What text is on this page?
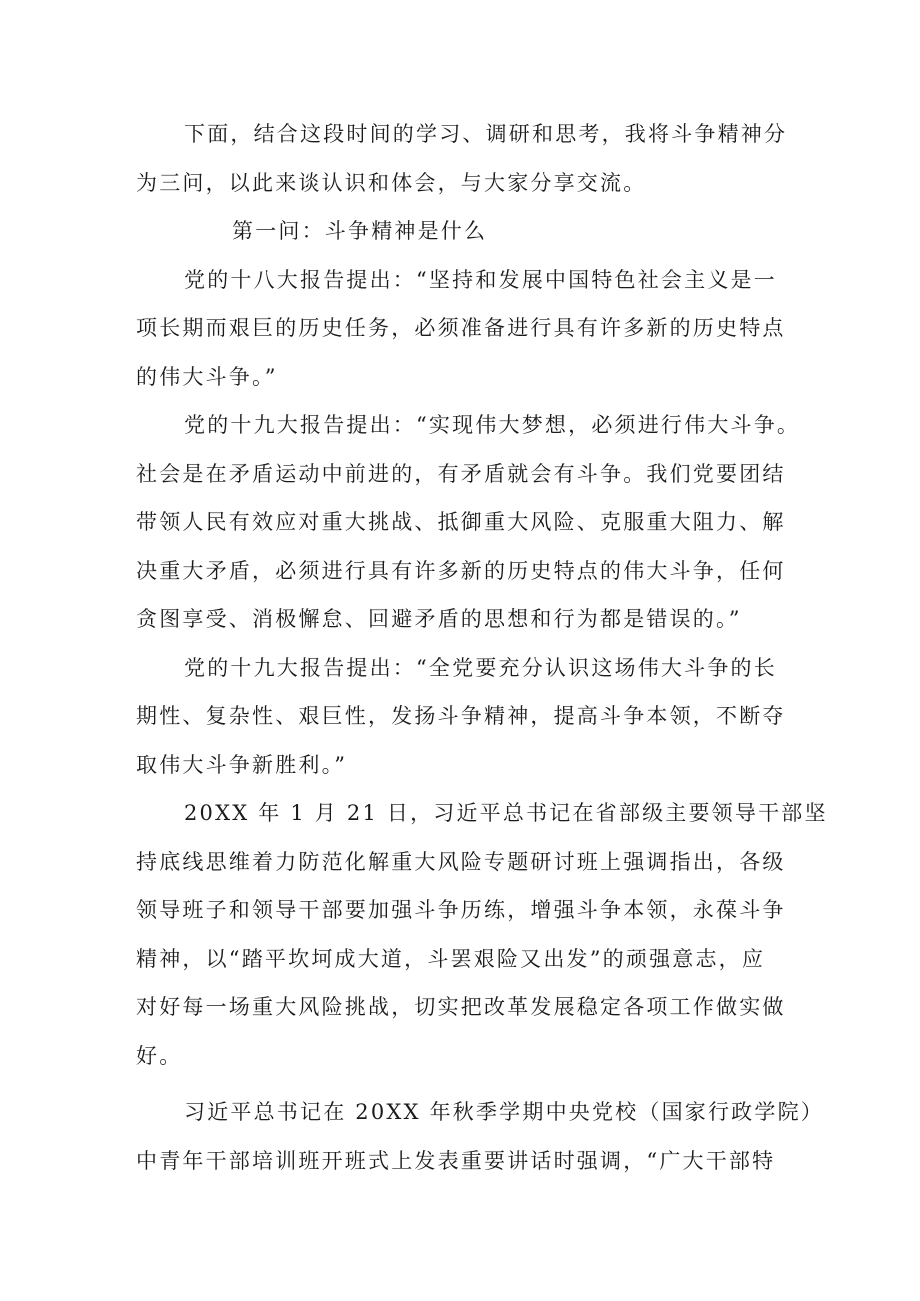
下面，结合这段时间的学习、调研和思考，我将斗争精神分
为三问，以此来谈认识和体会，与大家分享交流。
第一问：斗争精神是什么
党的十八大报告提出：“坚持和发展中国特色社会主义是一
项长期而艰巨的历史任务，必须准备进行具有许多新的历史特点
的伟大斗争。”
党的十九大报告提出：“实现伟大梦想，必须进行伟大斗争。
社会是在矛盾运动中前进的，有矛盾就会有斗争。我们党要团结
带领人民有效应对重大挑战、抵御重大风险、克服重大阻力、解
决重大矛盾，必须进行具有许多新的历史特点的伟大斗争，任何
贪图享受、消极懈怠、回避矛盾的思想和行为都是错误的。”
党的十九大报告提出：“全党要充分认识这场伟大斗争的长
期性、复杂性、艰巨性，发扬斗争精神，提高斗争本领，不断夺
取伟大斗争新胜利。”
20XX 年 1 月 21 日，习近平总书记在省部级主要领导干部坚
持底线思维着力防范化解重大风险专题研讨班上强调指出，各级
领导班子和领导干部要加强斗争历练，增强斗争本领，永葆斗争
精神，以“踏平坎坷成大道，斗罢艰险又出发”的顽强意志，应
对好每一场重大风险挑战，切实把改革发展稳定各项工作做实做
好。
习近平总书记在 20XX 年秋季学期中央党校（国家行政学院）
中青年干部培训班开班式上发表重要讲话时强调，“广大干部特
